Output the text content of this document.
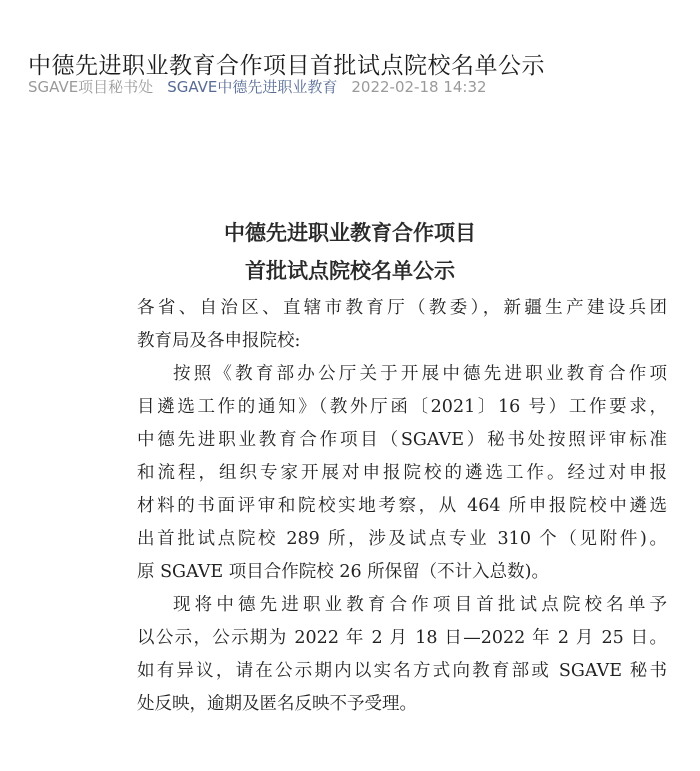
中德先进职业教育合作项目首批试点院校名单公示
SGAVE项目秘书处 SGAVE中德先进职业教育 2022-02-18 14:32
中德先进职业教育合作项目
首批试点院校名单公示
各省、自治区、直辖市教育厅（教委），新疆生产建设兵团
教育局及各申报院校:
按照《教育部办公厅关于开展中德先进职业教育合作项
目遴选工作的通知》（教外厅函〔2021〕16 号）工作要求，
中德先进职业教育合作项目（SGAVE）秘书处按照评审标准
和流程，组织专家开展对申报院校的遴选工作。经过对申报
材料的书面评审和院校实地考察，从 464 所申报院校中遴选
出首批试点院校 289 所，涉及试点专业 310 个（见附件)。
原 SGAVE 项目合作院校 26 所保留（不计入总数)。
现将中德先进职业教育合作项目首批试点院校名单予
以公示，公示期为 2022 年 2 月 18 日—2022 年 2 月 25 日。
如有异议，请在公示期内以实名方式向教育部或 SGAVE 秘书
处反映，逾期及匿名反映不予受理。
